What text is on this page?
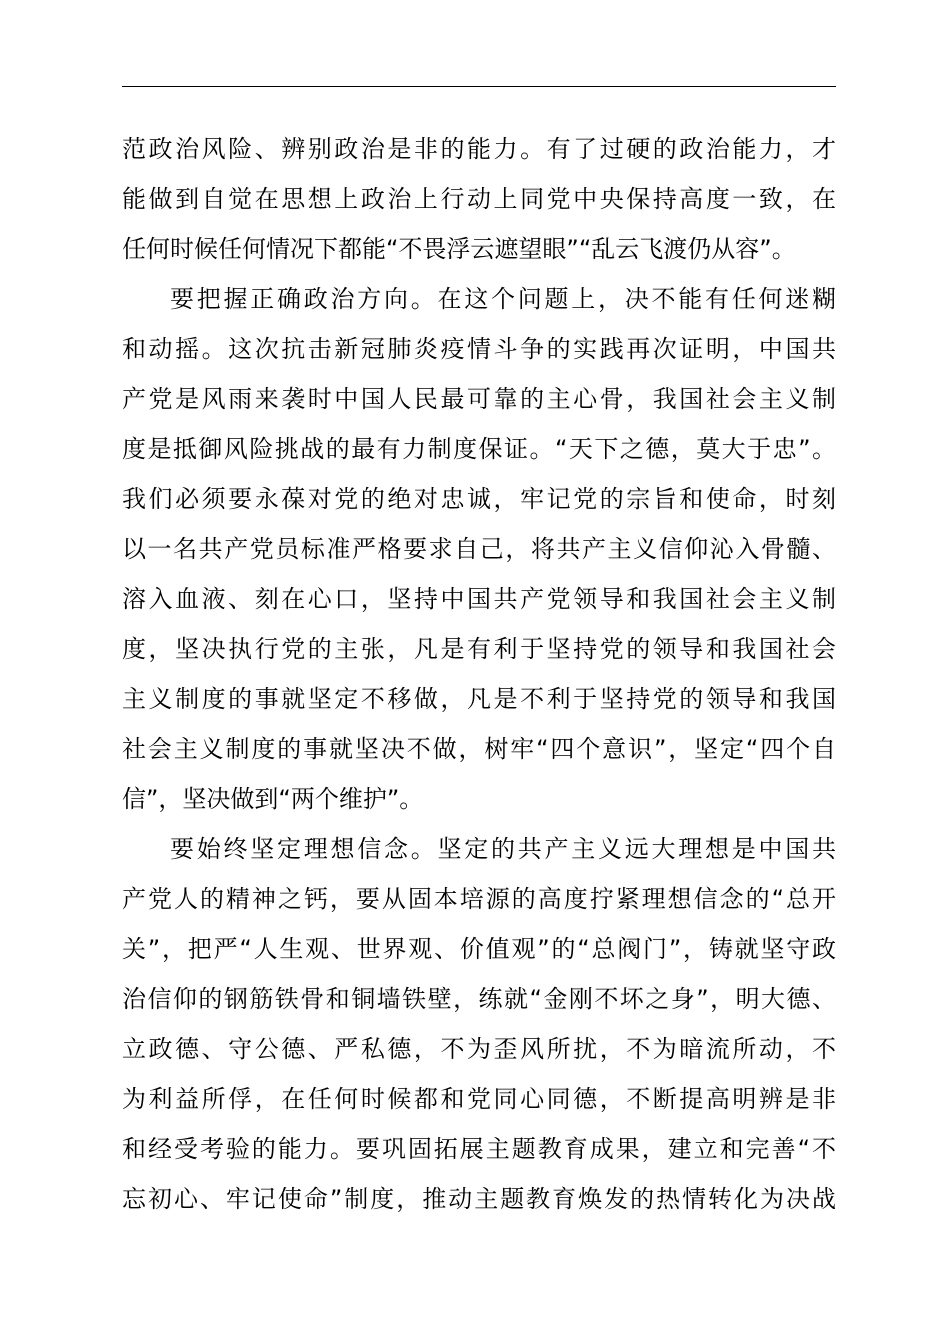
范政治风险、辨别政治是非的能力。有了过硬的政治能力，才
能做到自觉在思想上政治上行动上同党中央保持高度一致，在
任何时候任何情况下都能“不畏浮云遮望眼”“乱云飞渡仍从容”。
要把握正确政治方向。在这个问题上，决不能有任何迷糊
和动摇。这次抗击新冠肺炎疫情斗争的实践再次证明，中国共
产党是风雨来袭时中国人民最可靠的主心骨，我国社会主义制
度是抵御风险挑战的最有力制度保证。“天下之德，莫大于忠”。
我们必须要永葆对党的绝对忠诚，牢记党的宗旨和使命，时刻
以一名共产党员标准严格要求自己，将共产主义信仰沁入骨髓、
溶入血液、刻在心口，坚持中国共产党领导和我国社会主义制
度，坚决执行党的主张，凡是有利于坚持党的领导和我国社会
主义制度的事就坚定不移做，凡是不利于坚持党的领导和我国
社会主义制度的事就坚决不做，树牢“四个意识”，坚定“四个自
信”，坚决做到“两个维护”。
要始终坚定理想信念。坚定的共产主义远大理想是中国共
产党人的精神之钙，要从固本培源的高度拧紧理想信念的“总开
关”，把严“人生观、世界观、价值观”的“总阀门”，铸就坚守政
治信仰的钢筋铁骨和铜墙铁壁，练就“金刚不坏之身”，明大德、
立政德、守公德、严私德，不为歪风所扰，不为暗流所动，不
为利益所俘，在任何时候都和党同心同德，不断提高明辨是非
和经受考验的能力。要巩固拓展主题教育成果，建立和完善“不
忘初心、牢记使命”制度，推动主题教育焕发的热情转化为决战
